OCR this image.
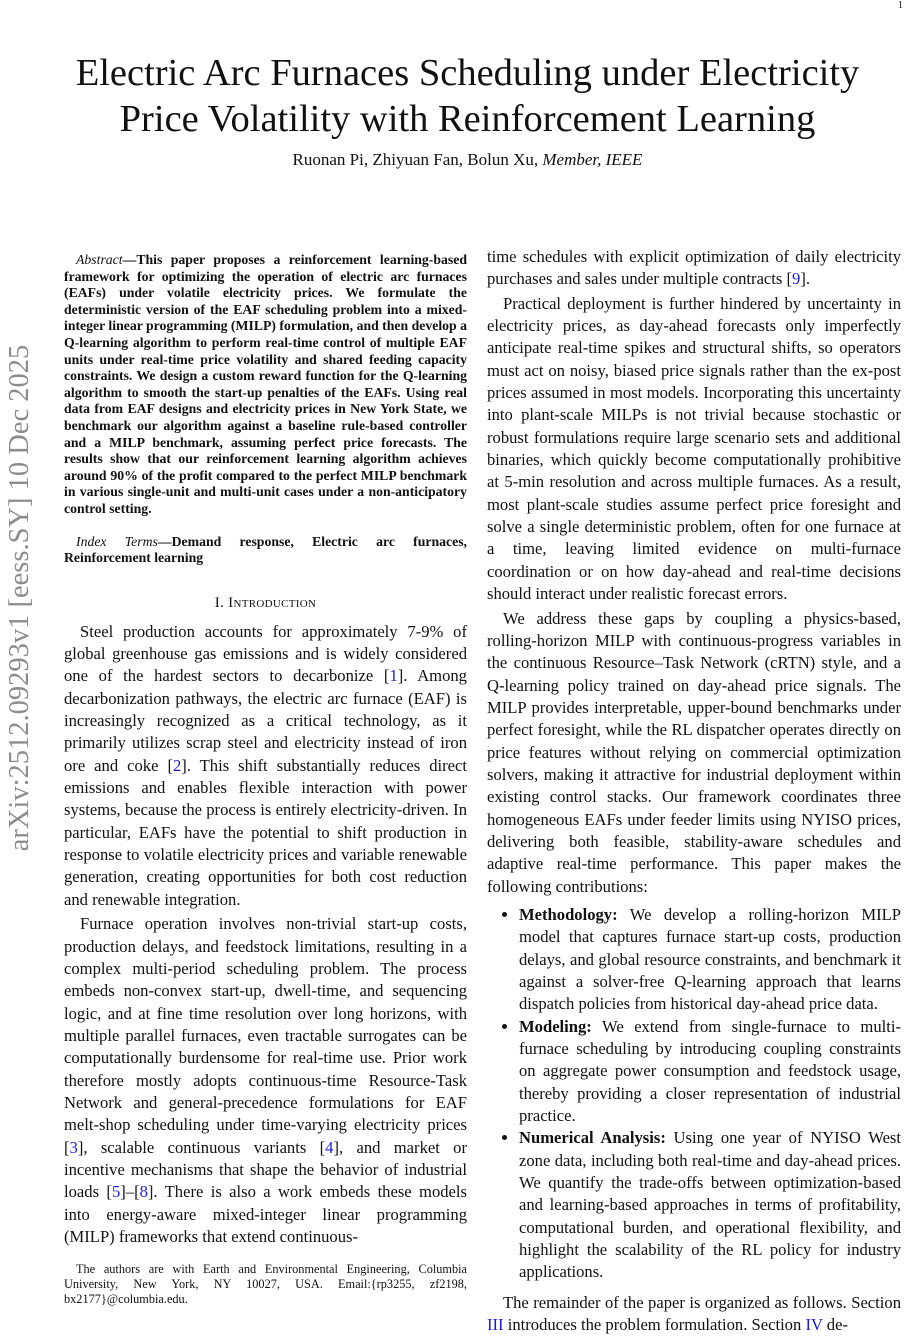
1
arXiv:2512.09293v1 [eess.SY] 10 Dec 2025
Electric Arc Furnaces Scheduling under Electricity
Price Volatility with Reinforcement Learning
Ruonan Pi, Zhiyuan Fan, Bolun Xu, Member, IEEE

Abstract—This paper proposes a reinforcement learning-based framework for optimizing the operation of electric arc furnaces (EAFs) under volatile electricity prices. We formulate the deterministic version of the EAF scheduling problem into a mixed-integer linear programming (MILP) formulation, and then develop a Q-learning algorithm to perform real-time control of multiple EAF units under real-time price volatility and shared feeding capacity constraints. We design a custom reward function for the Q-learning algorithm to smooth the start-up penalties of the EAFs. Using real data from EAF designs and electricity prices in New York State, we benchmark our algorithm against a baseline rule-based controller and a MILP benchmark, assuming perfect price forecasts. The results show that our reinforcement learning algorithm achieves around 90% of the profit compared to the perfect MILP benchmark in various single-unit and multi-unit cases under a non-anticipatory control setting.

Index Terms—Demand response, Electric arc furnaces, Reinforcement learning

I. Introduction

Steel production accounts for approximately 7-9% of global greenhouse gas emissions and is widely considered one of the hardest sectors to decarbonize [1]. Among decarbonization pathways, the electric arc furnace (EAF) is increasingly recognized as a critical technology, as it primarily utilizes scrap steel and electricity instead of iron ore and coke [2]. This shift substantially reduces direct emissions and enables flexible interaction with power systems, because the process is entirely electricity-driven. In particular, EAFs have the potential to shift production in response to volatile electricity prices and variable renewable generation, creating opportunities for both cost reduction and renewable integration.

Furnace operation involves non-trivial start-up costs, production delays, and feedstock limitations, resulting in a complex multi-period scheduling problem. The process embeds non-convex start-up, dwell-time, and sequencing logic, and at fine time resolution over long horizons, with multiple parallel furnaces, even tractable surrogates can be computationally burdensome for real-time use. Prior work therefore mostly adopts continuous-time Resource-Task Network and general-precedence formulations for EAF melt-shop scheduling under time-varying electricity prices [3], scalable continuous variants [4], and market or incentive mechanisms that shape the behavior of industrial loads [5]–[8]. There is also a work embeds these models into energy-aware mixed-integer linear programming (MILP) frameworks that extend continuous-

The authors are with Earth and Environmental Engineering, Columbia University, New York, NY 10027, USA. Email:{rp3255, zf2198, bx2177}@columbia.edu.

time schedules with explicit optimization of daily electricity purchases and sales under multiple contracts [9].

Practical deployment is further hindered by uncertainty in electricity prices, as day-ahead forecasts only imperfectly anticipate real-time spikes and structural shifts, so operators must act on noisy, biased price signals rather than the ex-post prices assumed in most models. Incorporating this uncertainty into plant-scale MILPs is not trivial because stochastic or robust formulations require large scenario sets and additional binaries, which quickly become computationally prohibitive at 5-min resolution and across multiple furnaces. As a result, most plant-scale studies assume perfect price foresight and solve a single deterministic problem, often for one furnace at a time, leaving limited evidence on multi-furnace coordination or on how day-ahead and real-time decisions should interact under realistic forecast errors.

We address these gaps by coupling a physics-based, rolling-horizon MILP with continuous-progress variables in the continuous Resource–Task Network (cRTN) style, and a Q-learning policy trained on day-ahead price signals. The MILP provides interpretable, upper-bound benchmarks under perfect foresight, while the RL dispatcher operates directly on price features without relying on commercial optimization solvers, making it attractive for industrial deployment within existing control stacks. Our framework coordinates three homogeneous EAFs under feeder limits using NYISO prices, delivering both feasible, stability-aware schedules and adaptive real-time performance. This paper makes the following contributions:

• Methodology: We develop a rolling-horizon MILP model that captures furnace start-up costs, production delays, and global resource constraints, and benchmark it against a solver-free Q-learning approach that learns dispatch policies from historical day-ahead price data.
• Modeling: We extend from single-furnace to multi-furnace scheduling by introducing coupling constraints on aggregate power consumption and feedstock usage, thereby providing a closer representation of industrial practice.
• Numerical Analysis: Using one year of NYISO West zone data, including both real-time and day-ahead prices. We quantify the trade-offs between optimization-based and learning-based approaches in terms of profitability, computational burden, and operational flexibility, and highlight the scalability of the RL policy for industry applications.

The remainder of the paper is organized as follows. Section III introduces the problem formulation. Section IV de-
